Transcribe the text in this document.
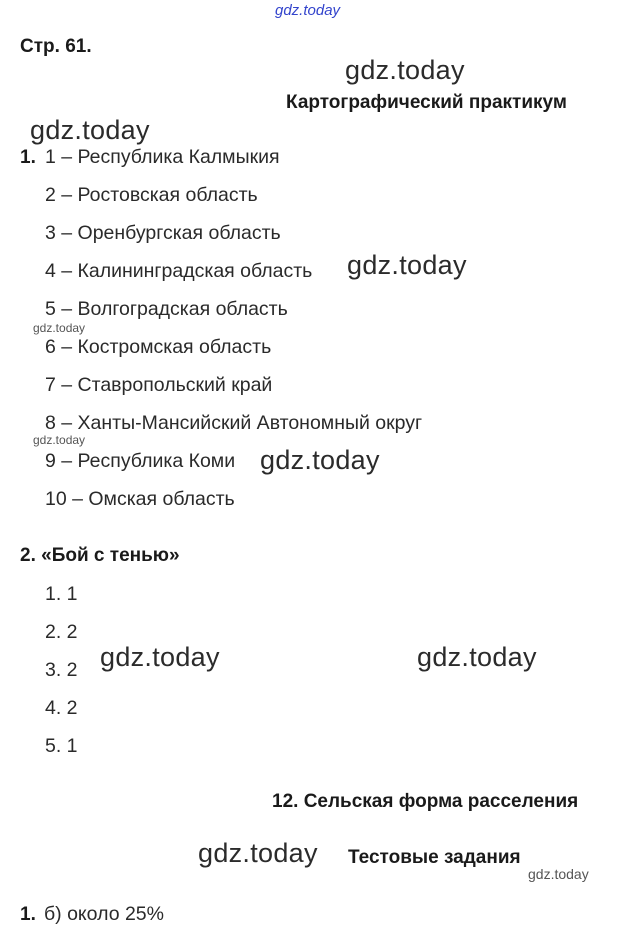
gdz.today
Стр. 61.
gdz.today
gdz.today
Картографический практикум
1. 1 – Республика Калмыкия
2 – Ростовская область
3 – Оренбургская область
4 – Калининградская область gdz.today
5 – Волгоградская область
gdz.today
6 – Костромская область
7 – Ставропольский край
8 – Ханты-Мансийский Автономный округ
gdz.today
9 – Республика Коми gdz.today
10 – Омская область
2. «Бой с тенью»
1. 1
2. 2
3. 2 gdz.today	gdz.today
4. 2
5. 1
12. Сельская форма расселения
gdz.today Тестовые задания
gdz.today
1. б) около 25%
